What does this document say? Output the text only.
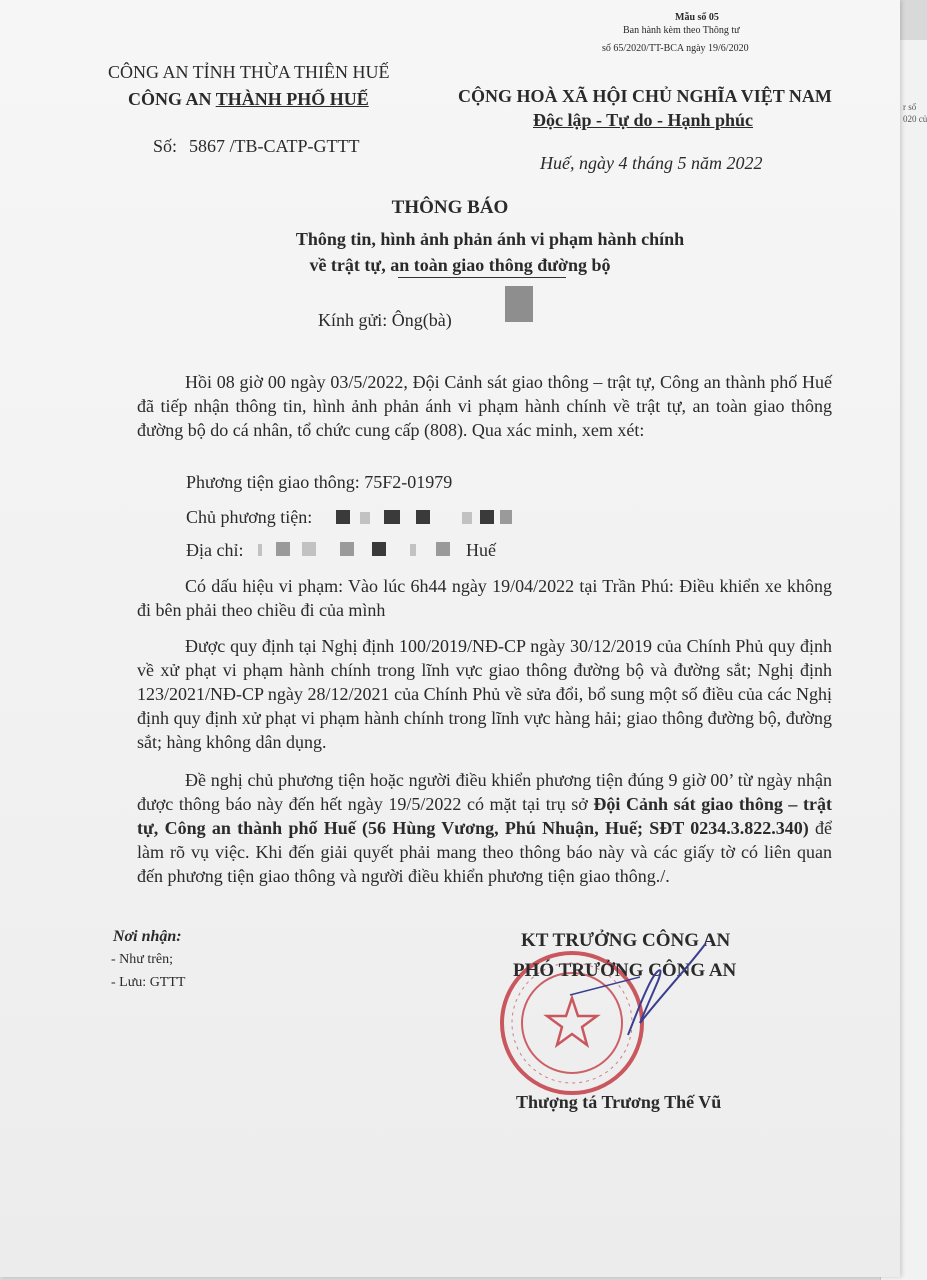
r số
020 củ
Mẫu số 05
Ban hành kèm theo Thông tư
số 65/2020/TT-BCA ngày 19/6/2020
CÔNG AN TỈNH THỪA THIÊN HUẾ
CÔNG AN THÀNH PHỐ HUẾ	CỘNG HOÀ XÃ HỘI CHỦ NGHĨA VIỆT NAM
Độc lập - Tự do - Hạnh phúc
Số: 5867 /TB-CATP-GTTT
Huế, ngày 4 tháng 5 năm 2022
THÔNG BÁO
Thông tin, hình ảnh phản ánh vi phạm hành chính
về trật tự, an toàn giao thông đường bộ
Kính gửi: Ông(bà)

Hồi 08 giờ 00 ngày 03/5/2022, Đội Cảnh sát giao thông – trật tự, Công an thành phố Huế đã tiếp nhận thông tin, hình ảnh phản ánh vi phạm hành chính về trật tự, an toàn giao thông đường bộ do cá nhân, tổ chức cung cấp (808). Qua xác minh, xem xét:

Phương tiện giao thông: 75F2-01979
Chủ phương tiện:
Địa chỉ:	Huế

Có dấu hiệu vi phạm: Vào lúc 6h44 ngày 19/04/2022 tại Trần Phú: Điều khiển xe không đi bên phải theo chiều đi của mình

Được quy định tại Nghị định 100/2019/NĐ-CP ngày 30/12/2019 của Chính Phủ quy định về xử phạt vi phạm hành chính trong lĩnh vực giao thông đường bộ và đường sắt; Nghị định 123/2021/NĐ-CP ngày 28/12/2021 của Chính Phủ về sửa đổi, bổ sung một số điều của các Nghị định quy định xử phạt vi phạm hành chính trong lĩnh vực hàng hải; giao thông đường bộ, đường sắt; hàng không dân dụng.

Đề nghị chủ phương tiện hoặc người điều khiển phương tiện đúng 9 giờ 00’ từ ngày nhận được thông báo này đến hết ngày 19/5/2022 có mặt tại trụ sở Đội Cảnh sát giao thông – trật tự, Công an thành phố Huế (56 Hùng Vương, Phú Nhuận, Huế; SĐT 0234.3.822.340) để làm rõ vụ việc. Khi đến giải quyết phải mang theo thông báo này và các giấy tờ có liên quan đến phương tiện giao thông và người điều khiển phương tiện giao thông./.

Nơi nhận:
- Như trên;
- Lưu: GTTT
KT TRƯỞNG CÔNG AN
PHÓ TRƯỞNG CÔNG AN
Thượng tá Trương Thế Vũ
